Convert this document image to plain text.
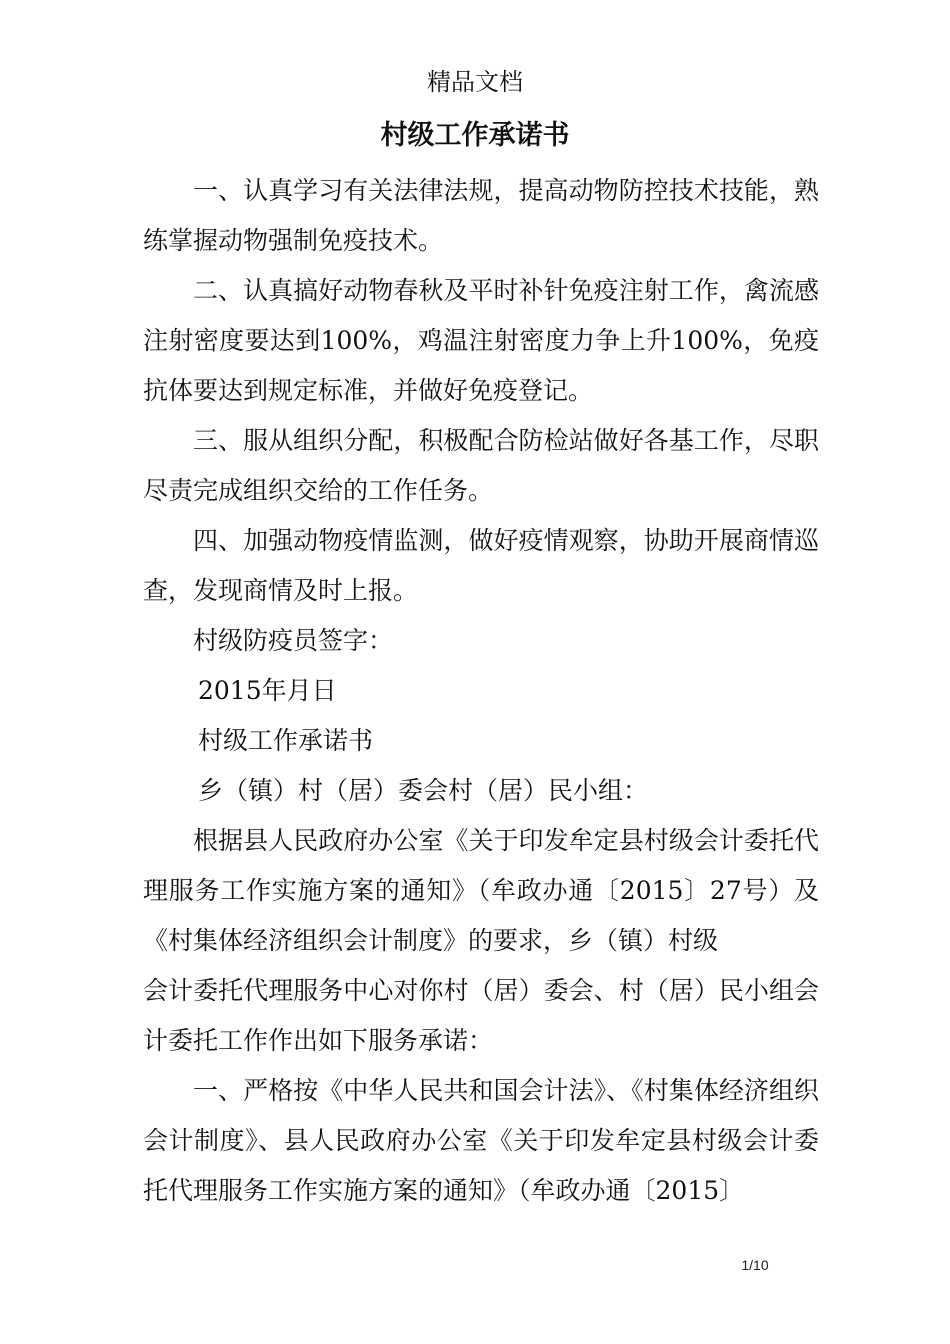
精品文档
村级工作承诺书

一、认真学习有关法律法规，提高动物防控技术技能，熟练掌握动物强制免疫技术。

二、认真搞好动物春秋及平时补针免疫注射工作，禽流感注射密度要达到100%，鸡温注射密度力争上升100%，免疫抗体要达到规定标准，并做好免疫登记。

三、服从组织分配，积极配合防检站做好各基工作，尽职尽责完成组织交给的工作任务。

四、加强动物疫情监测，做好疫情观察，协助开展商情巡查，发现商情及时上报。

村级防疫员签字：

2015年月日

村级工作承诺书

乡（镇）村（居）委会村（居）民小组：

根据县人民政府办公室《关于印发牟定县村级会计委托代理服务工作实施方案的通知》（牟政办通〔2015〕27号）及《村集体经济组织会计制度》的要求，乡（镇）村级

会计委托代理服务中心对你村（居）委会、村（居）民小组会计委托工作作出如下服务承诺：

一、严格按《中华人民共和国会计法》、《村集体经济组织会计制度》、县人民政府办公室《关于印发牟定县村级会计委托代理服务工作实施方案的通知》（牟政办通〔2015〕

1/10
